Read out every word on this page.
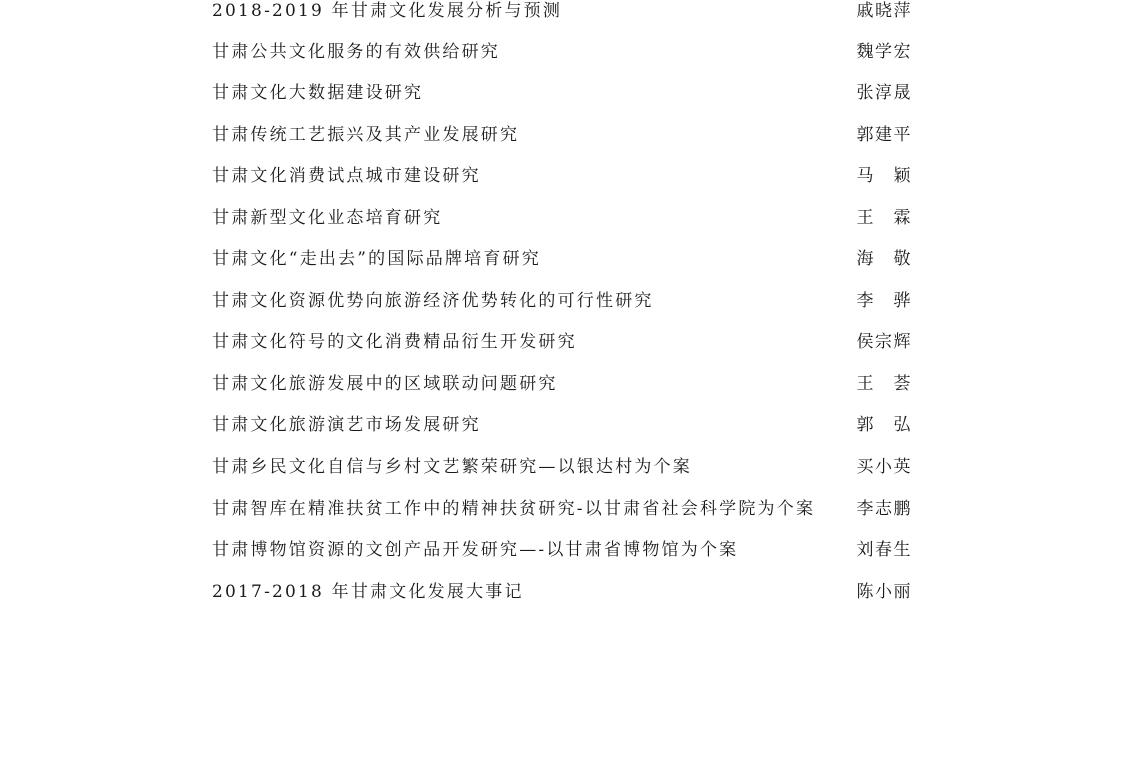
2018-2019 年甘肃文化发展分析与预测	戚晓萍
甘肃公共文化服务的有效供给研究	魏学宏
甘肃文化大数据建设研究	张淳晟
甘肃传统工艺振兴及其产业发展研究	郭建平
甘肃文化消费试点城市建设研究	马　颖
甘肃新型文化业态培育研究	王　霖
甘肃文化“走出去”的国际品牌培育研究	海　敬
甘肃文化资源优势向旅游经济优势转化的可行性研究	李　骅
甘肃文化符号的文化消费精品衍生开发研究	侯宗辉
甘肃文化旅游发展中的区域联动问题研究	王　荟
甘肃文化旅游演艺市场发展研究	郭　弘
甘肃乡民文化自信与乡村文艺繁荣研究—以银达村为个案	买小英
甘肃智库在精准扶贫工作中的精神扶贫研究-以甘肃省社会科学院为个案 李志鹏
甘肃博物馆资源的文创产品开发研究—-以甘肃省博物馆为个案	刘春生
2017-2018 年甘肃文化发展大事记	陈小丽
